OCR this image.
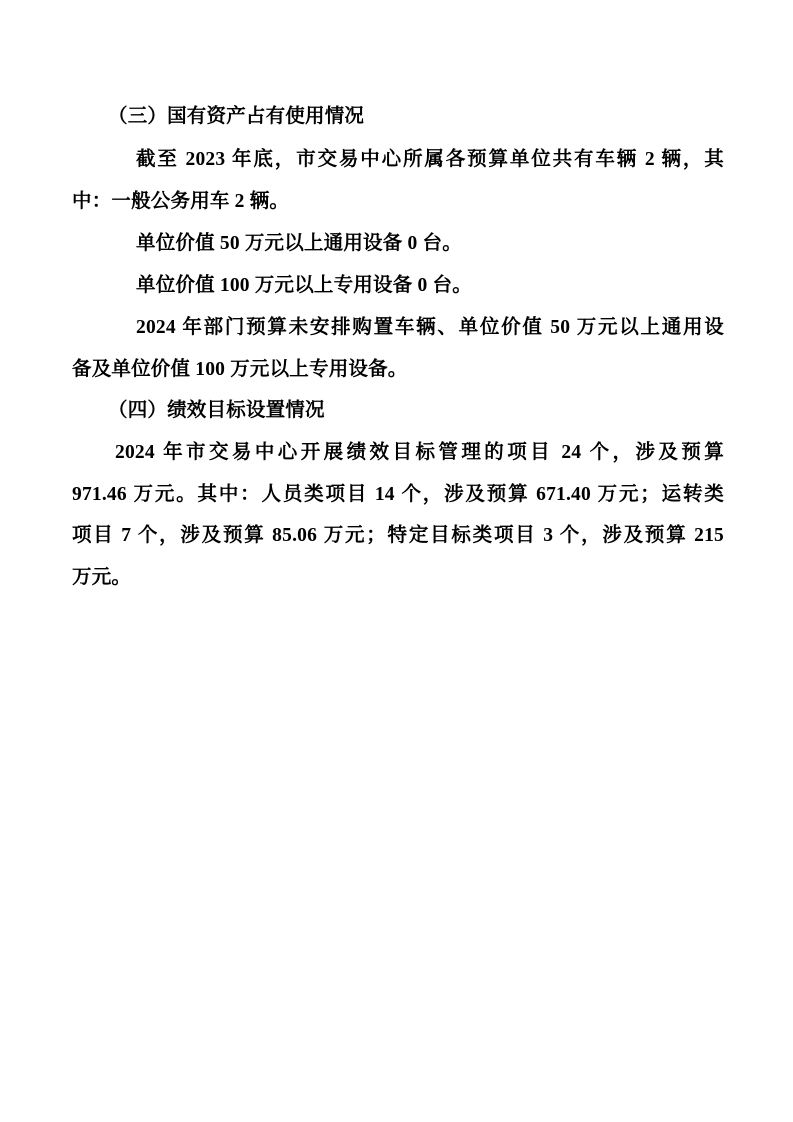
（三）国有资产占有使用情况
截至 2023 年底，市交易中心所属各预算单位共有车辆 2 辆，其
中：一般公务用车 2 辆。
单位价值 50 万元以上通用设备 0 台。
单位价值 100 万元以上专用设备 0 台。
2024 年部门预算未安排购置车辆、单位价值 50 万元以上通用设
备及单位价值 100 万元以上专用设备。
（四）绩效目标设置情况
2024 年市交易中心开展绩效目标管理的项目 24 个，涉及预算
971.46 万元。其中：人员类项目 14 个，涉及预算 671.40 万元；运转类
项目 7 个，涉及预算 85.06 万元；特定目标类项目 3 个，涉及预算 215
万元。
